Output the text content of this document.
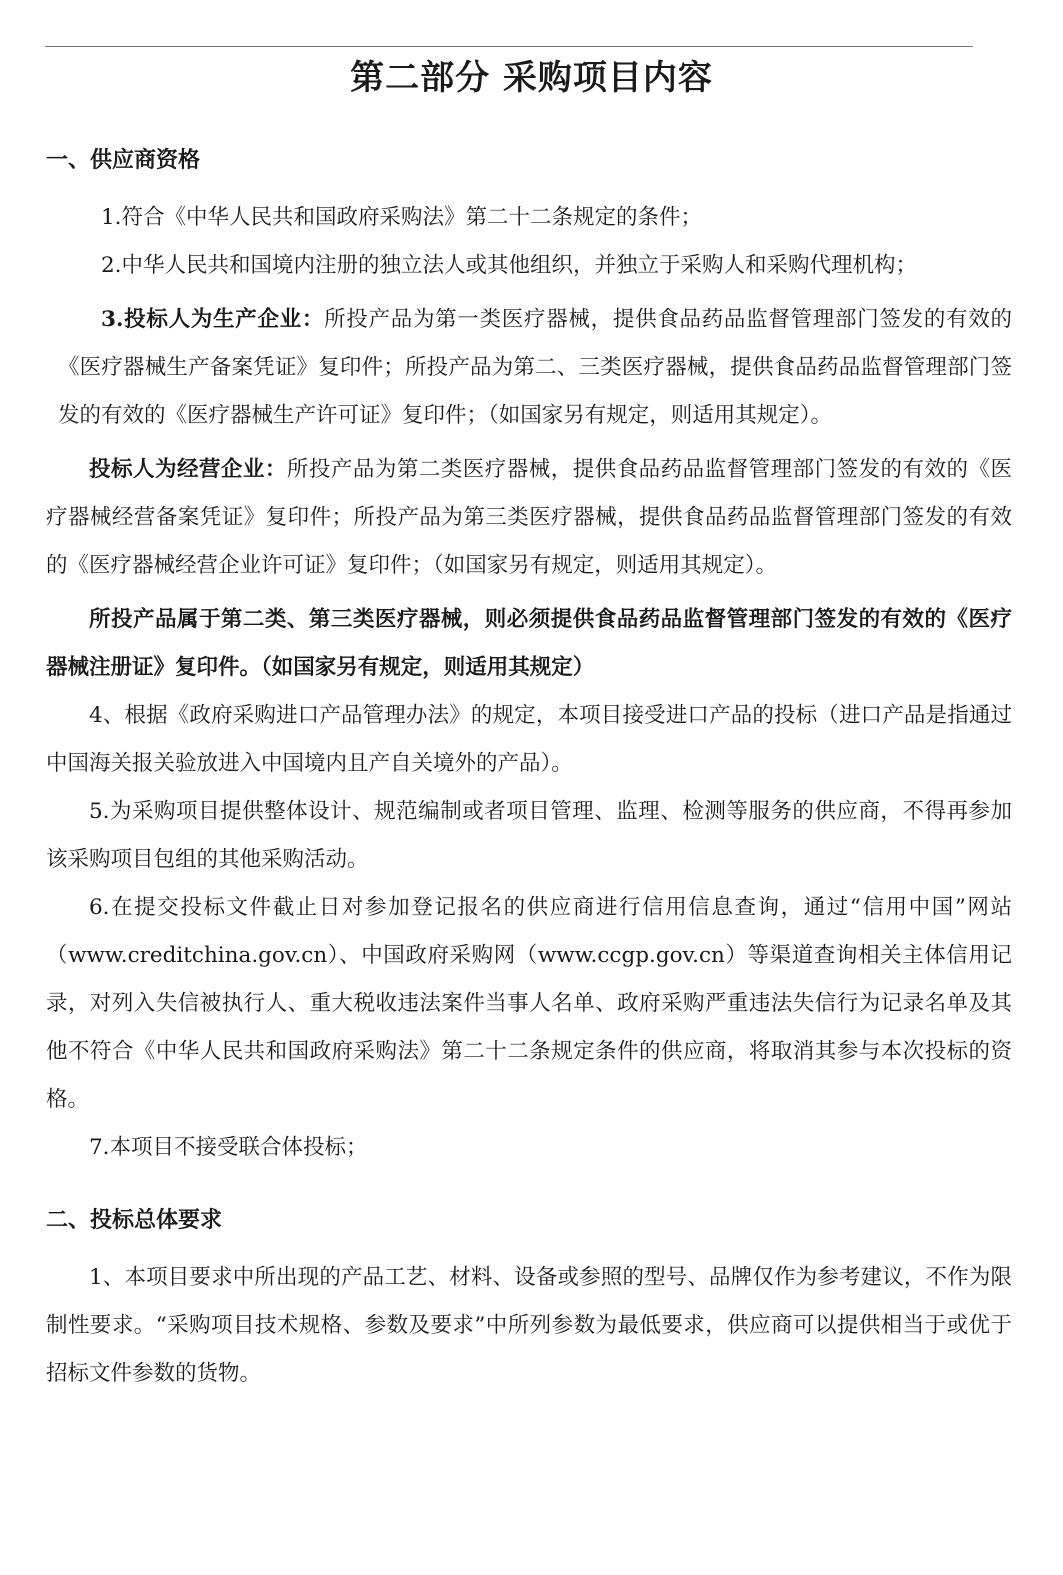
第二部分 采购项目内容
一、供应商资格

1.符合《中华人民共和国政府采购法》第二十二条规定的条件；

2.中华人民共和国境内注册的独立法人或其他组织，并独立于采购人和采购代理机构；

3.投标人为生产企业：所投产品为第一类医疗器械，提供食品药品监督管理部门签发的有效的《医疗器械生产备案凭证》复印件；所投产品为第二、三类医疗器械，提供食品药品监督管理部门签发的有效的《医疗器械生产许可证》复印件；（如国家另有规定，则适用其规定）。

投标人为经营企业：所投产品为第二类医疗器械，提供食品药品监督管理部门签发的有效的《医疗器械经营备案凭证》复印件；所投产品为第三类医疗器械，提供食品药品监督管理部门签发的有效的《医疗器械经营企业许可证》复印件；（如国家另有规定，则适用其规定）。

所投产品属于第二类、第三类医疗器械，则必须提供食品药品监督管理部门签发的有效的《医疗器械注册证》复印件。（如国家另有规定，则适用其规定）

4、根据《政府采购进口产品管理办法》的规定，本项目接受进口产品的投标（进口产品是指通过中国海关报关验放进入中国境内且产自关境外的产品）。

5.为采购项目提供整体设计、规范编制或者项目管理、监理、检测等服务的供应商，不得再参加该采购项目包组的其他采购活动。

6.在提交投标文件截止日对参加登记报名的供应商进行信用信息查询，通过“信用中国”网站（www.creditchina.gov.cn）、中国政府采购网（www.ccgp.gov.cn）等渠道查询相关主体信用记录，对列入失信被执行人、重大税收违法案件当事人名单、政府采购严重违法失信行为记录名单及其他不符合《中华人民共和国政府采购法》第二十二条规定条件的供应商，将取消其参与本次投标的资格。

7.本项目不接受联合体投标；

二、投标总体要求

1、本项目要求中所出现的产品工艺、材料、设备或参照的型号、品牌仅作为参考建议，不作为限制性要求。“采购项目技术规格、参数及要求”中所列参数为最低要求，供应商可以提供相当于或优于招标文件参数的货物。
